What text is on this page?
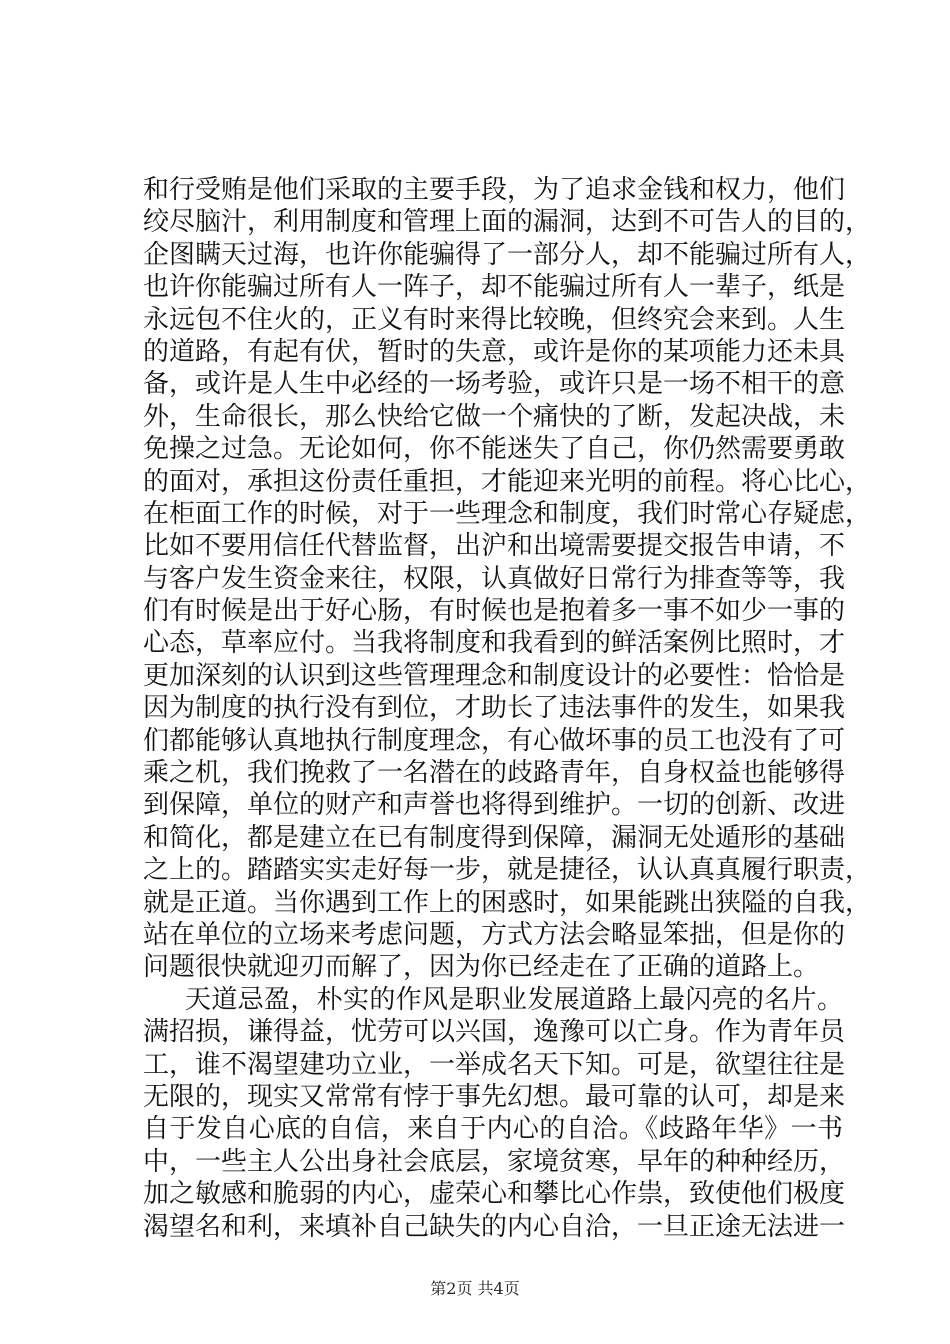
和行受贿是他们采取的主要手段，为了追求金钱和权力，他们
绞尽脑汁，利用制度和管理上面的漏洞，达到不可告人的目的，
企图瞒天过海，也许你能骗得了一部分人，却不能骗过所有人，
也许你能骗过所有人一阵子，却不能骗过所有人一辈子，纸是
永远包不住火的，正义有时来得比较晚，但终究会来到。人生
的道路，有起有伏，暂时的失意，或许是你的某项能力还未具
备，或许是人生中必经的一场考验，或许只是一场不相干的意
外，生命很长，那么快给它做一个痛快的了断，发起决战，未
免操之过急。无论如何，你不能迷失了自己，你仍然需要勇敢
的面对，承担这份责任重担，才能迎来光明的前程。将心比心，
在柜面工作的时候，对于一些理念和制度，我们时常心存疑虑，
比如不要用信任代替监督，出沪和出境需要提交报告申请，不
与客户发生资金来往，权限，认真做好日常行为排查等等，我
们有时候是出于好心肠，有时候也是抱着多一事不如少一事的
心态，草率应付。当我将制度和我看到的鲜活案例比照时，才
更加深刻的认识到这些管理理念和制度设计的必要性：恰恰是
因为制度的执行没有到位，才助长了违法事件的发生，如果我
们都能够认真地执行制度理念，有心做坏事的员工也没有了可
乘之机，我们挽救了一名潜在的歧路青年，自身权益也能够得
到保障，单位的财产和声誉也将得到维护。一切的创新、改进
和简化，都是建立在已有制度得到保障，漏洞无处遁形的基础
之上的。踏踏实实走好每一步，就是捷径，认认真真履行职责，
就是正道。当你遇到工作上的困惑时，如果能跳出狭隘的自我，
站在单位的立场来考虑问题，方式方法会略显笨拙，但是你的
问题很快就迎刃而解了，因为你已经走在了正确的道路上。
天道忌盈，朴实的作风是职业发展道路上最闪亮的名片。
满招损，谦得益，忧劳可以兴国，逸豫可以亡身。作为青年员
工，谁不渴望建功立业，一举成名天下知。可是，欲望往往是
无限的，现实又常常有悖于事先幻想。最可靠的认可，却是来
自于发自心底的自信，来自于内心的自洽。《歧路年华》一书
中，一些主人公出身社会底层，家境贫寒，早年的种种经历，
加之敏感和脆弱的内心，虚荣心和攀比心作祟，致使他们极度
渴望名和利，来填补自己缺失的内心自洽，一旦正途无法进一
第2页 共4页
